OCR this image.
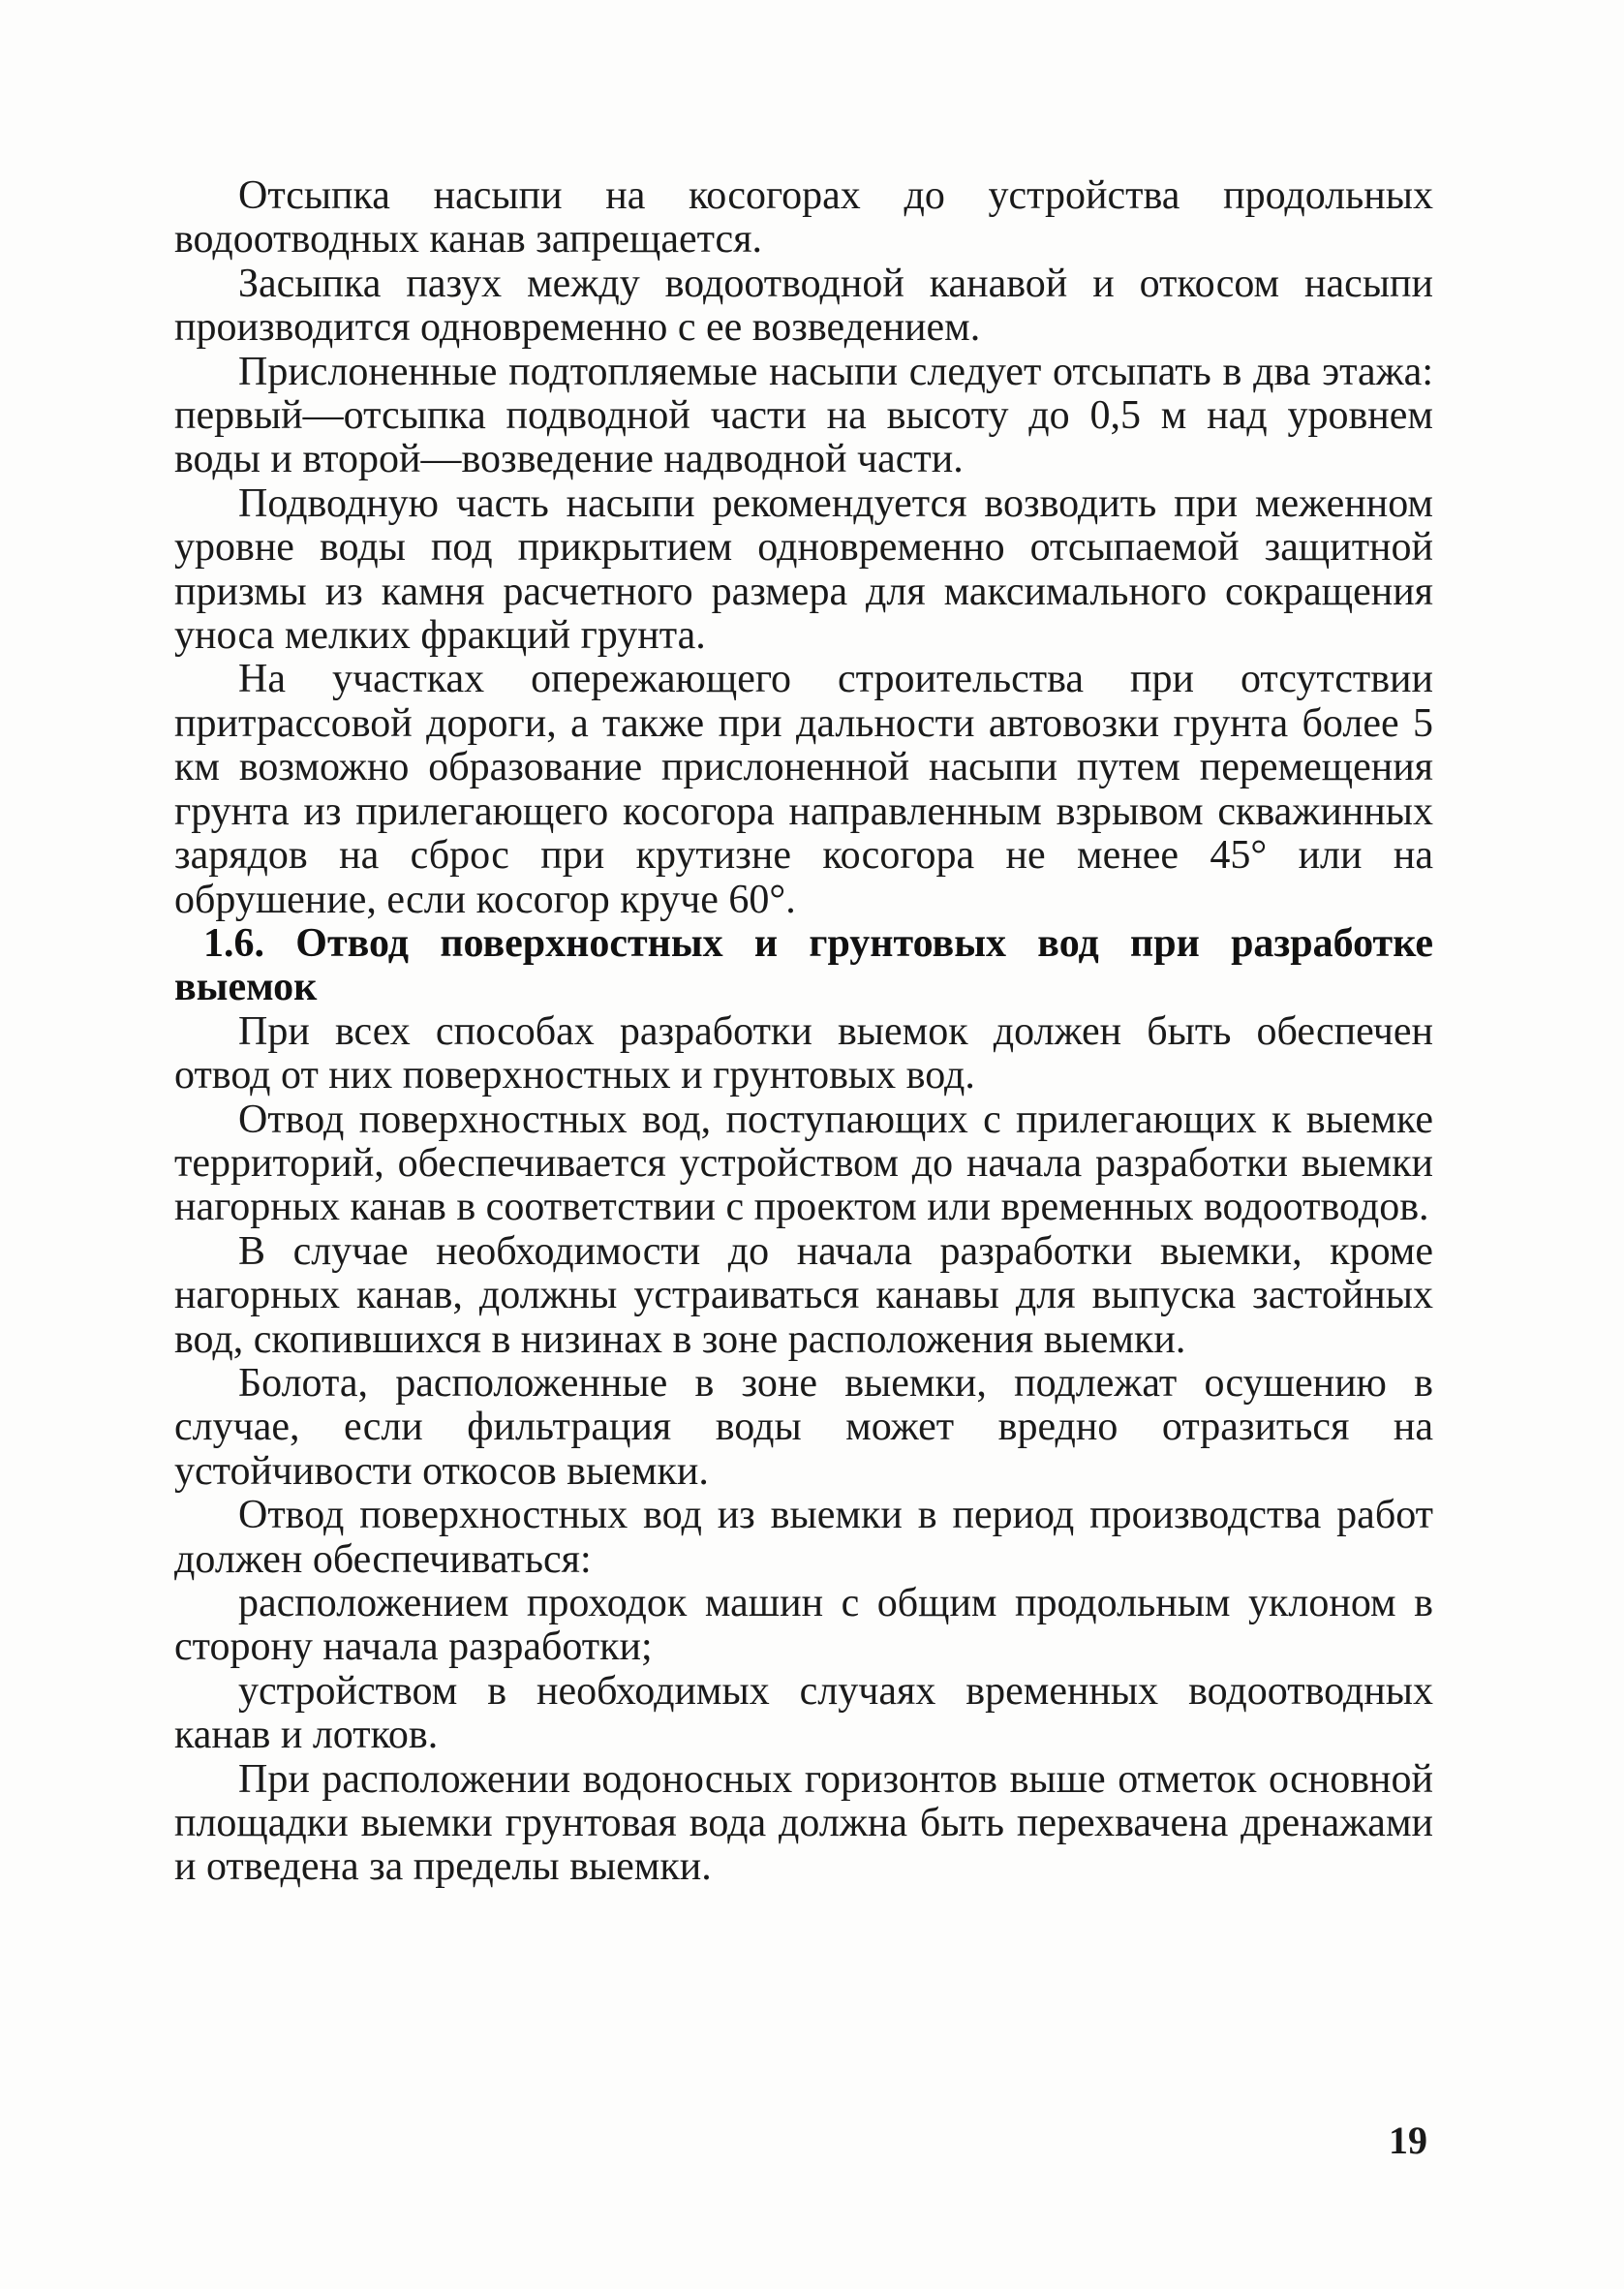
Отсыпка насыпи на косогорах до устройства продольных водоотводных канав запрещается.

Засыпка пазух между водоотводной канавой и откосом насыпи производится одновременно с ее возведением.

Прислоненные подтопляемые насыпи следует отсыпать в два этажа: первый—отсыпка подводной части на высоту до 0,5 м над уровнем воды и второй—возведение надводной части.

Подводную часть насыпи рекомендуется возводить при меженном уровне воды под прикрытием одновременно отсыпаемой защитной призмы из камня расчетного размера для максимального сокращения уноса мелких фракций грунта.

На участках опережающего строительства при отсутствии притрассовой дороги, а также при дальности автовозки грунта более 5 км возможно образование прислоненной насыпи путем перемещения грунта из прилегающего косогора направленным взрывом скважинных зарядов на сброс при крутизне косогора не менее 45° или на обрушение, если косогор круче 60°.

1.6. Отвод поверхностных и грунтовых вод при разработке выемок

При всех способах разработки выемок должен быть обеспечен отвод от них поверхностных и грунтовых вод.

Отвод поверхностных вод, поступающих с прилегающих к выемке территорий, обеспечивается устройством до начала разработки выемки нагорных канав в соответствии с проектом или временных водоотводов.

В случае необходимости до начала разработки выемки, кроме нагорных канав, должны устраиваться канавы для выпуска застойных вод, скопившихся в низинах в зоне расположения выемки.

Болота, расположенные в зоне выемки, подлежат осушению в случае, если фильтрация воды может вредно отразиться на устойчивости откосов выемки.

Отвод поверхностных вод из выемки в период производства работ должен обеспечиваться:

расположением проходок машин с общим продольным уклоном в сторону начала разработки;

устройством в необходимых случаях временных водоотводных канав и лотков.

При расположении водоносных горизонтов выше отметок основной площадки выемки грунтовая вода должна быть перехвачена дренажами и отведена за пределы выемки.

19
